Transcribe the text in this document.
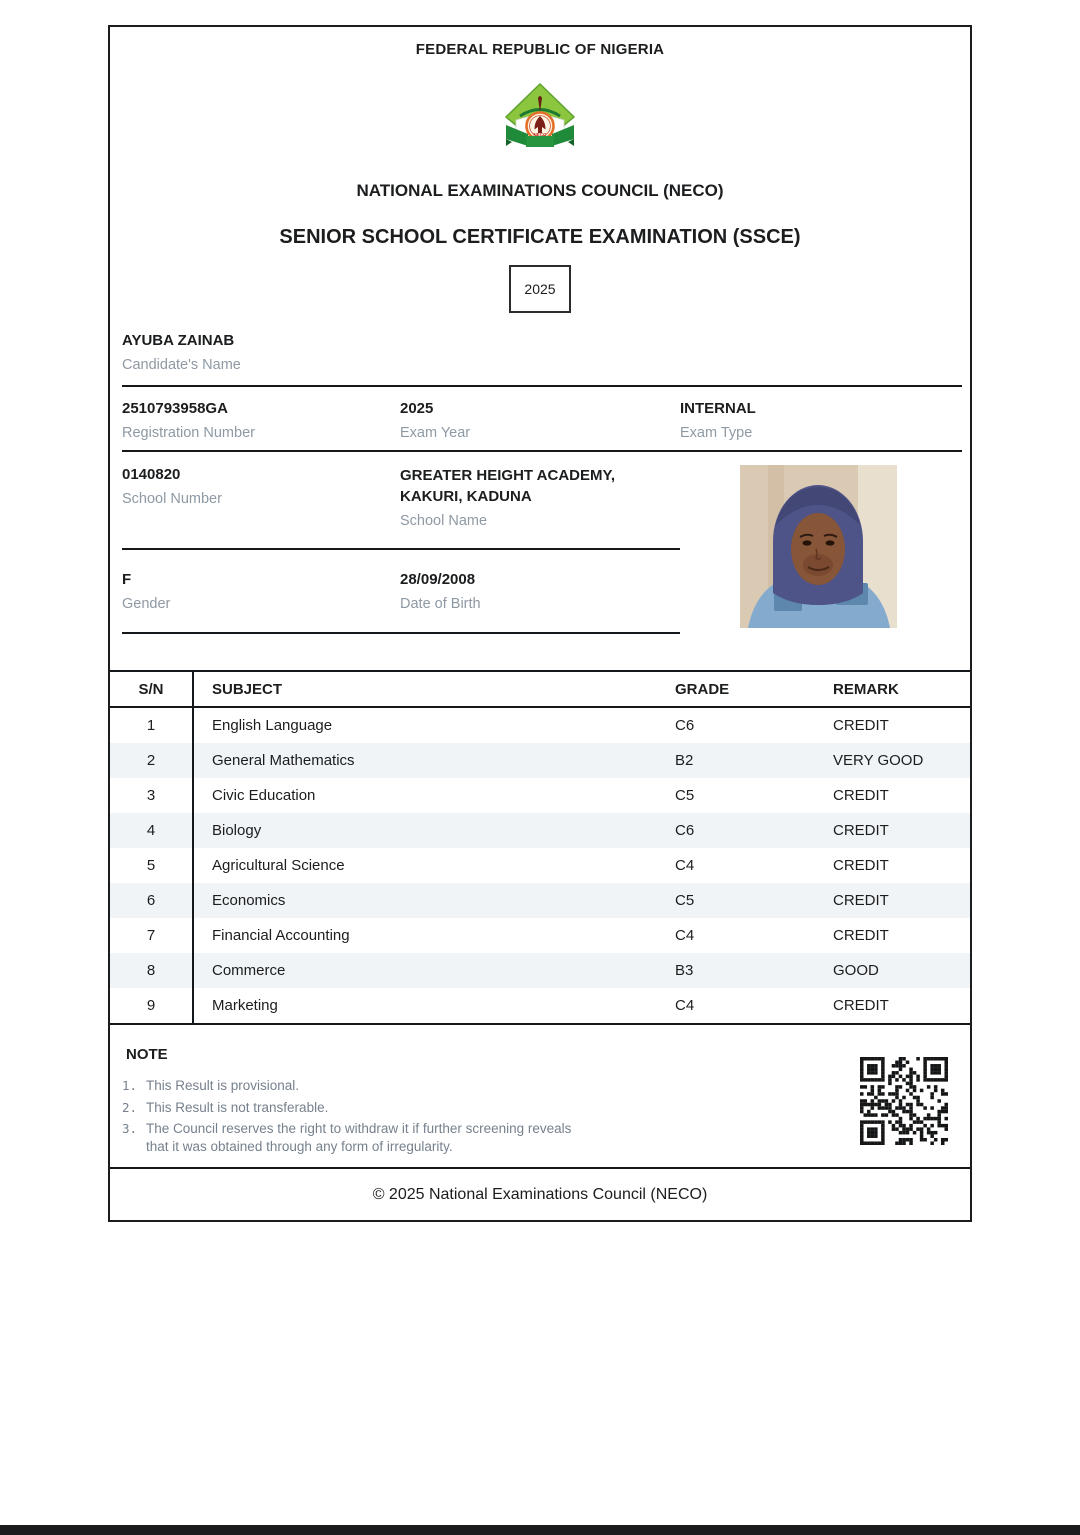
FEDERAL REPUBLIC OF NIGERIA
NECO
NATIONAL EXAMINATIONS COUNCIL (NECO)
SENIOR SCHOOL CERTIFICATE EXAMINATION (SSCE)
2025
AYUBA ZAINAB
Candidate's Name
2510793958GA
Registration Number
2025
Exam Year
INTERNAL
Exam Type
0140820
School Number
GREATER HEIGHT ACADEMY, KAKURI, KADUNA
School Name
F
Gender
28/09/2008
Date of Birth
S/N	SUBJECT	GRADE	REMARK
1	English Language	C6	CREDIT
2	General Mathematics	B2	VERY GOOD
3	Civic Education	C5	CREDIT
4	Biology	C6	CREDIT
5	Agricultural Science	C4	CREDIT
6	Economics	C5	CREDIT
7	Financial Accounting	C4	CREDIT
8	Commerce	B3	GOOD
9	Marketing	C4	CREDIT
NOTE
1. This Result is provisional.
2. This Result is not transferable.
3. The Council reserves the right to withdraw it if further screening reveals that it was obtained through any form of irregularity.
© 2025 National Examinations Council (NECO)
